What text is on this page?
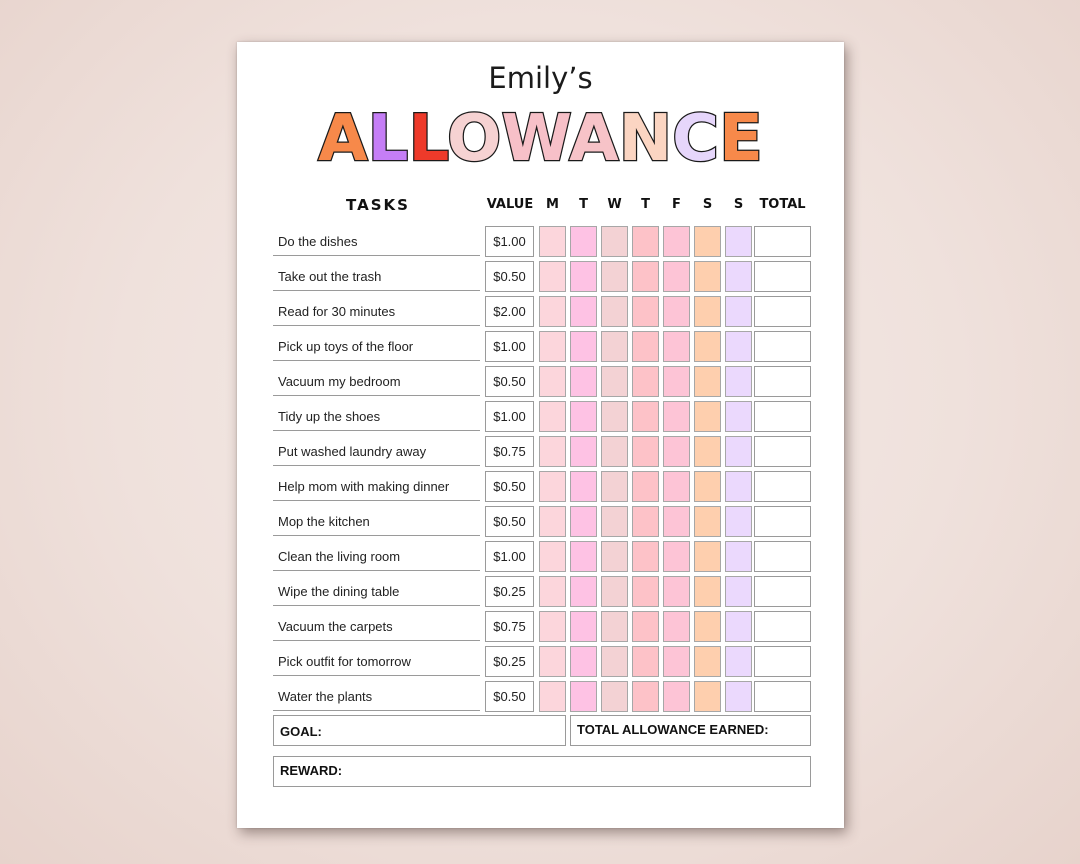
Emily’s
ALLOWANCE
TASKS	VALUE M	T	W	T	F	S	S	TOTAL
Do the dishes	$1.00
Take out the trash	$0.50
Read for 30 minutes	$2.00
Pick up toys of the floor	$1.00
Vacuum my bedroom	$0.50
Tidy up the shoes	$1.00
Put washed laundry away	$0.75
Help mom with making dinner	$0.50
Mop the kitchen	$0.50
Clean the living room	$1.00
Wipe the dining table	$0.25
Vacuum the carpets	$0.75
Pick outfit for tomorrow	$0.25
Water the plants	$0.50
GOAL:	TOTAL ALLOWANCE EARNED:
REWARD:
